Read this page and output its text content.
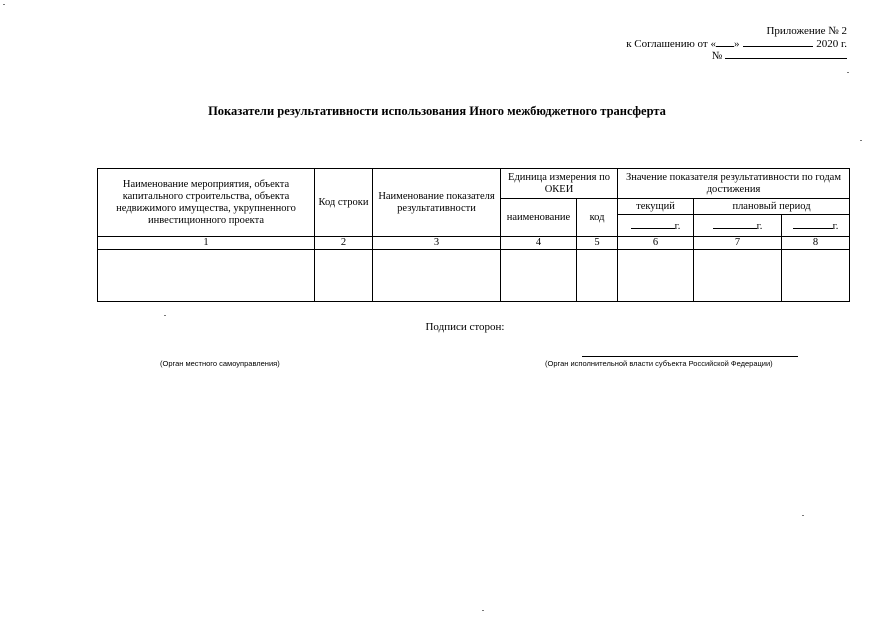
Приложение № 2
к Соглашению от « »	2020 г.
№
Показатели результативности использования Иного межбюджетного трансферта
Наименование мероприятия, объекта капитального строительства, объекта недвижимого имущества, укрупненного инвестиционного проекта	Код строки	Наименование показателя результативности	Единица измерения по ОКЕИ		Значение показателя результативности по годам достижения		
			наименование	код	текущий	плановый период	
					г.	г.	г.
1	2	3	4	5	6	7	8

Подписи сторон:
(Орган местного самоуправления)	(Орган исполнительной власти субъекта Российской Федерации)
